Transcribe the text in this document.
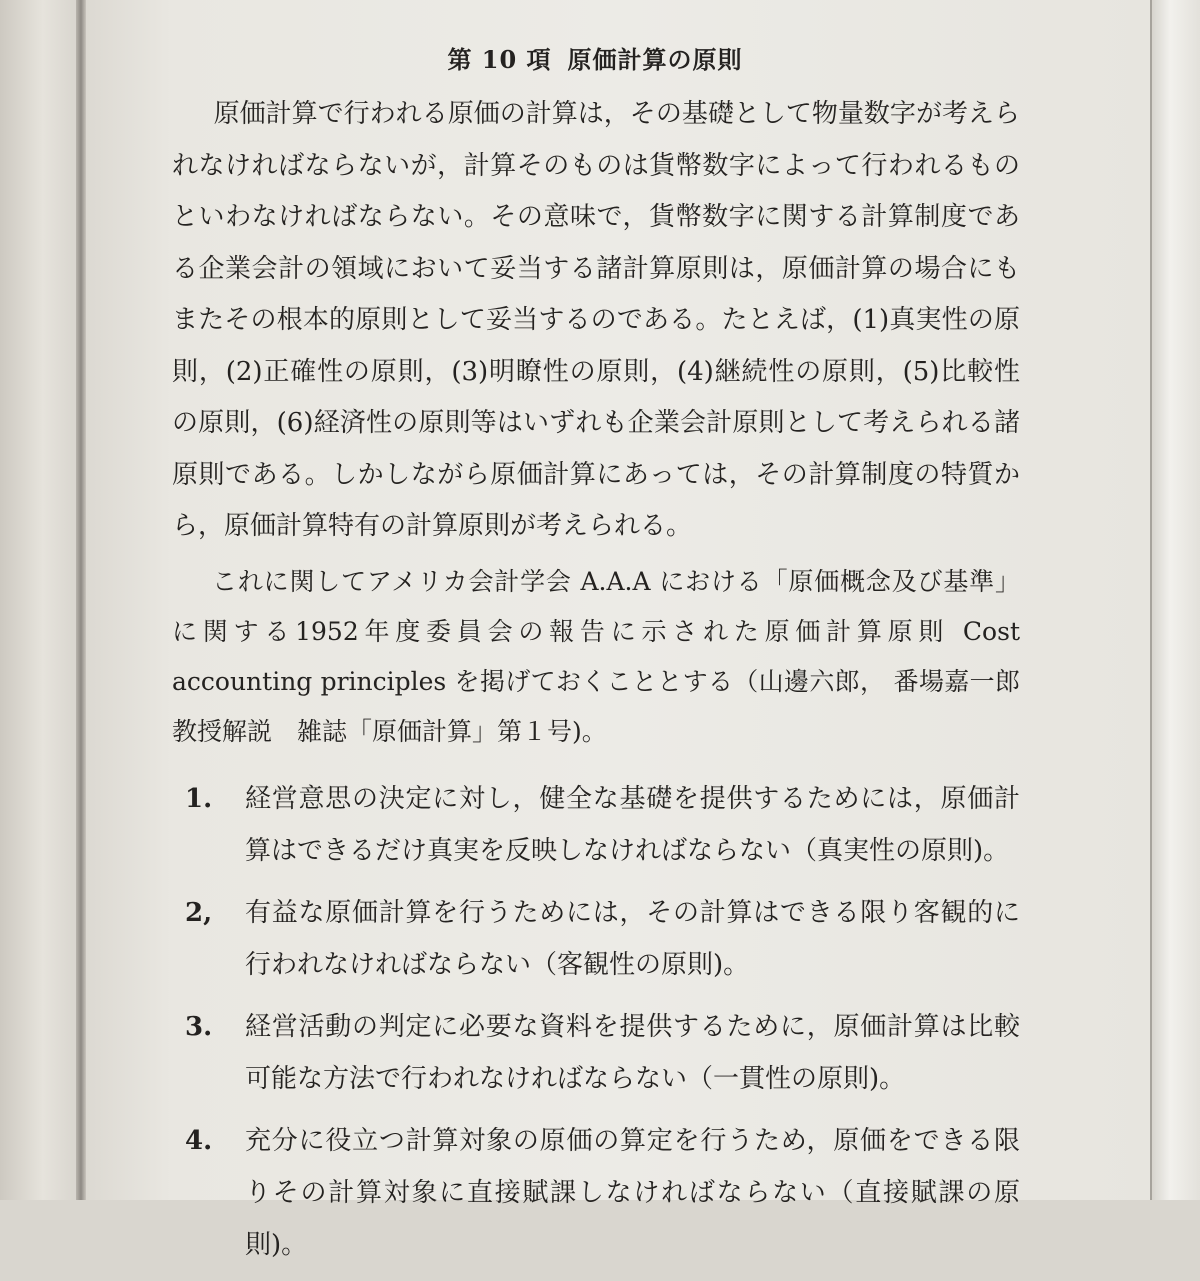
第 10 項 原価計算の原則

原価計算で行われる原価の計算は，その基礎として物量数字が考えられなければならないが，計算そのものは貨幣数字によって行われるものといわなければならない。その意味で，貨幣数字に関する計算制度である企業会計の領域において妥当する諸計算原則は，原価計算の場合にもまたその根本的原則として妥当するのである。たとえば，(1)真実性の原則，(2)正確性の原則，(3)明瞭性の原則，(4)継続性の原則，(5)比較性の原則，(6)経済性の原則等はいずれも企業会計原則として考えられる諸原則である。しかしながら原価計算にあっては，その計算制度の特質から，原価計算特有の計算原則が考えられる。

これに関してアメリカ会計学会 A.A.A における「原価概念及び基準」に関する1952年度委員会の報告に示された原価計算原則 Cost accounting principles を掲げておくこととする（山邊六郎， 番場嘉一郎教授解説　雑誌「原価計算」第１号)。

1.	経営意思の決定に対し，健全な基礎を提供するためには，原価計算はできるだけ真実を反映しなければならない（真実性の原則)。
2,	有益な原価計算を行うためには，その計算はできる限り客観的に行われなければならない（客観性の原則)。
3.	経営活動の判定に必要な資料を提供するために，原価計算は比較可能な方法で行われなければならない（一貫性の原則)。
4.	充分に役立つ計算対象の原価の算定を行うため，原価をできる限りその計算対象に直接賦課しなければならない（直接賦課の原則)。
